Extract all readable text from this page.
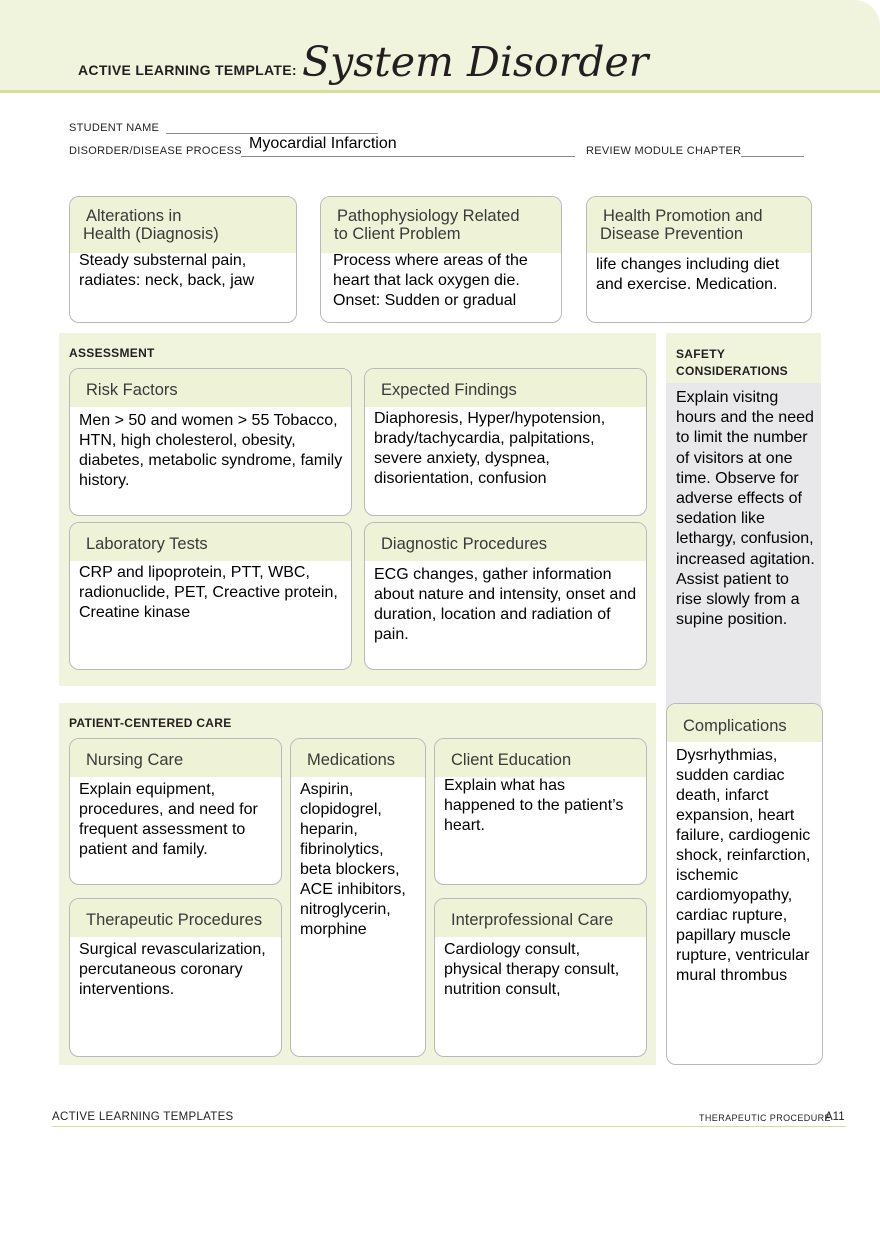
ACTIVE LEARNING TEMPLATE: System Disorder
STUDENT NAME
DISORDER/DISEASE PROCESS Myocardial Infarction	REVIEW MODULE CHAPTER
Alterations in
Health (Diagnosis)
Steady substernal pain, radiates: neck, back, jaw
Pathophysiology Related
to Client Problem
Process where areas of the heart that lack oxygen die. Onset: Sudden or gradual
Health Promotion and
Disease Prevention
life changes including diet and exercise. Medication.
ASSESSMENT
Risk Factors
Men > 50 and women > 55 Tobacco, HTN, high cholesterol, obesity, diabetes, metabolic syndrome, family history.
Expected Findings
Diaphoresis, Hyper/hypotension, brady/tachycardia, palpitations, severe anxiety, dyspnea, disorientation, confusion
Laboratory Tests
CRP and lipoprotein, PTT, WBC, radionuclide, PET, Creactive protein, Creatine kinase
Diagnostic Procedures
ECG changes, gather information about nature and intensity, onset and duration, location and radiation of pain.
SAFETY
CONSIDERATIONS
Explain visitng hours and the need to limit the number of visitors at one time. Observe for adverse effects of sedation like lethargy, confusion, increased agitation. Assist patient to rise slowly from a supine position.
PATIENT-CENTERED CARE
Nursing Care
Explain equipment, procedures, and need for frequent assessment to patient and family.
Medications
Aspirin, clopidogrel, heparin, fibrinolytics, beta blockers, ACE inhibitors, nitroglycerin, morphine
Client Education
Explain what has happened to the patient’s heart.
Therapeutic Procedures
Surgical revascularization, percutaneous coronary interventions.
Interprofessional Care
Cardiology consult, physical therapy consult, nutrition consult,
Complications
Dysrhythmias, sudden cardiac death, infarct expansion, heart failure, cardiogenic shock, reinfarction, ischemic cardiomyopathy, cardiac rupture, papillary muscle rupture, ventricular mural thrombus
ACTIVE LEARNING TEMPLATES	THERAPEUTIC PROCEDURE
A11
